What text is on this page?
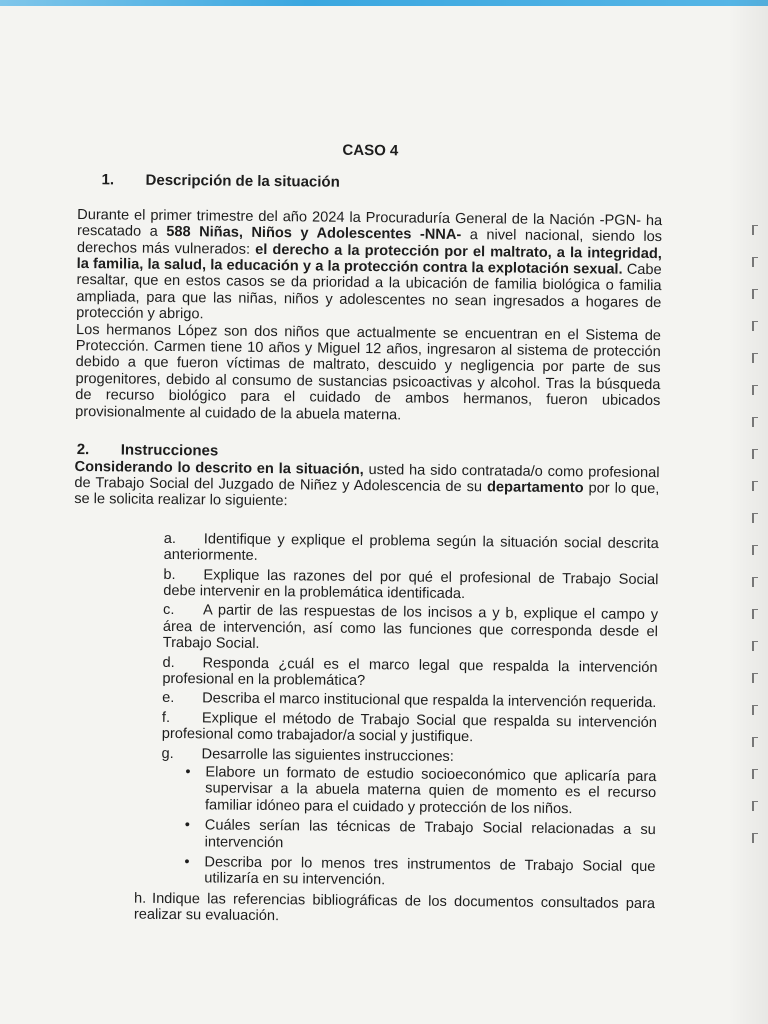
CASO 4
1. Descripción de la situación

Durante el primer trimestre del año 2024 la Procuraduría General de la Nación -PGN- ha rescatado a 588 Niñas, Niños y Adolescentes -NNA- a nivel nacional, siendo los derechos más vulnerados: el derecho a la protección por el maltrato, a la integridad, la familia, la salud, la educación y a la protección contra la explotación sexual. Cabe resaltar, que en estos casos se da prioridad a la ubicación de familia biológica o familia ampliada, para que las niñas, niños y adolescentes no sean ingresados a hogares de protección y abrigo.

Los hermanos López son dos niños que actualmente se encuentran en el Sistema de Protección. Carmen tiene 10 años y Miguel 12 años, ingresaron al sistema de protección debido a que fueron víctimas de maltrato, descuido y negligencia por parte de sus progenitores, debido al consumo de sustancias psicoactivas y alcohol. Tras la búsqueda de recurso biológico para el cuidado de ambos hermanos, fueron ubicados provisionalmente al cuidado de la abuela materna.

2. Instrucciones

Considerando lo descrito en la situación, usted ha sido contratada/o como profesional de Trabajo Social del Juzgado de Niñez y Adolescencia de su departamento por lo que, se le solicita realizar lo siguiente:

a. Identifique y explique el problema según la situación social descrita anteriormente.
b. Explique las razones del por qué el profesional de Trabajo Social debe intervenir en la problemática identificada.
c. A partir de las respuestas de los incisos a y b, explique el campo y área de intervención, así como las funciones que corresponda desde el Trabajo Social.
d. Responda ¿cuál es el marco legal que respalda la intervención profesional en la problemática?
e. Describa el marco institucional que respalda la intervención requerida.
f. Explique el método de Trabajo Social que respalda su intervención profesional como trabajador/a social y justifique.
g. Desarrolle las siguientes instrucciones:
• Elabore un formato de estudio socioeconómico que aplicaría para supervisar a la abuela materna quien de momento es el recurso familiar idóneo para el cuidado y protección de los niños.
• Cuáles serían las técnicas de Trabajo Social relacionadas a su intervención
• Describa por lo menos tres instrumentos de Trabajo Social que utilizaría en su intervención.
h. Indique las referencias bibliográficas de los documentos consultados para realizar su evaluación.
